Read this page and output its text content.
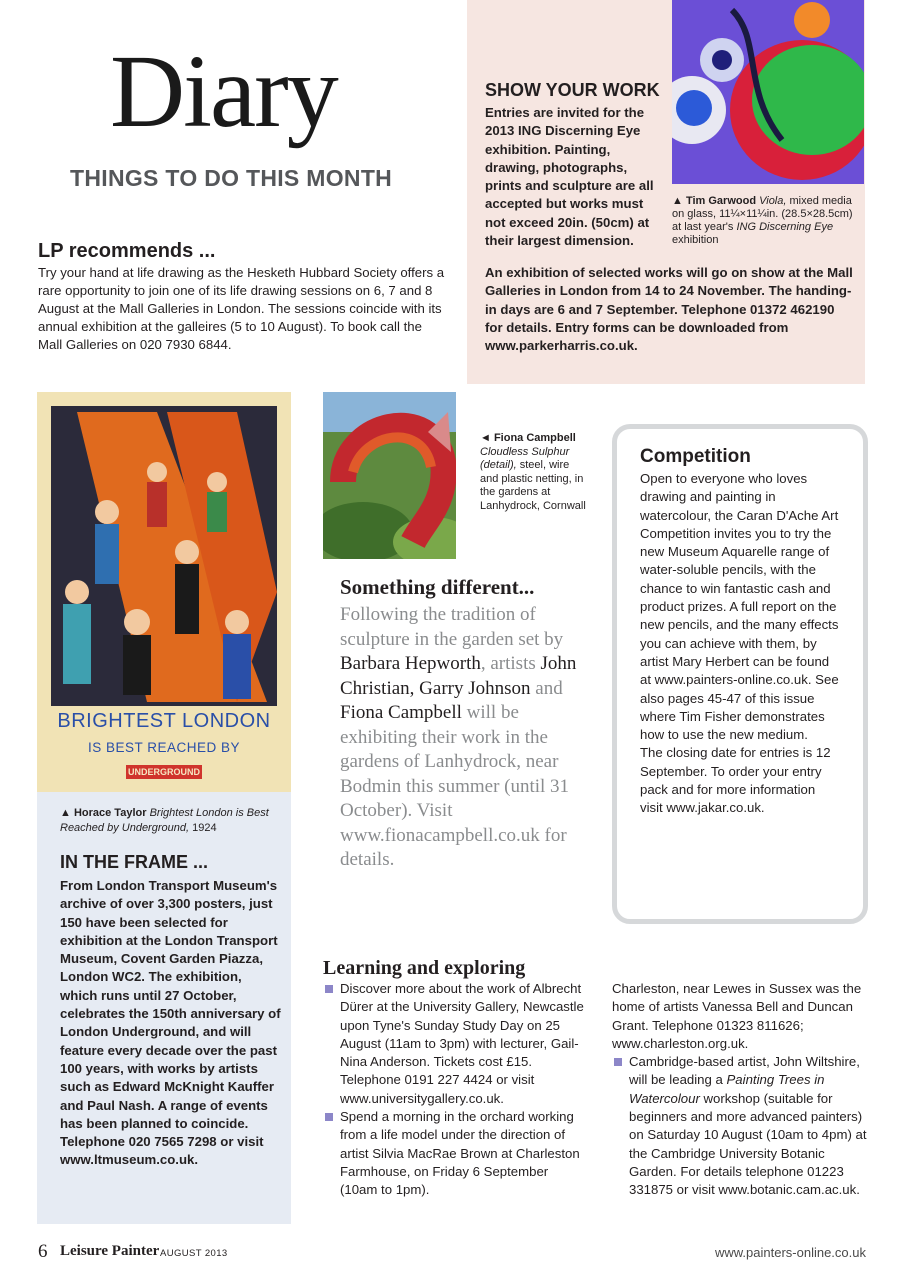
Diary
THINGS TO DO THIS MONTH
LP recommends ...

Try your hand at life drawing as the Hesketh Hubbard Society offers a rare opportunity to join one of its life drawing sessions on 6, 7 and 8 August at the Mall Galleries in London. The sessions coincide with its annual exhibition at the galleires (5 to 10 August). To book call the Mall Galleries on 020 7930 6844.

SHOW YOUR WORK

Entries are invited for the 2013 ING Discerning Eye exhibition. Painting, drawing, photographs, prints and sculpture are all accepted but works must not exceed 20in. (50cm) at their largest dimension.

▲ Tim Garwood Viola, mixed media on glass, 11¼×11¼in. (28.5×28.5cm) at last year's ING Discerning Eye exhibition

An exhibition of selected works will go on show at the Mall Galleries in London from 14 to 24 November. The handing-in days are 6 and 7 September. Telephone 01372 462190 for details. Entry forms can be downloaded from www.parkerharris.co.uk.

BRIGHTEST LONDON
IS BEST REACHED BY
UNDERGROUND

▲ Horace Taylor Brightest London is Best Reached by Underground, 1924

IN THE FRAME ...

From London Transport Museum's archive of over 3,300 posters, just 150 have been selected for exhibition at the London Transport Museum, Covent Garden Piazza, London WC2. The exhibition, which runs until 27 October, celebrates the 150th anniversary of London Underground, and will feature every decade over the past 100 years, with works by artists such as Edward McKnight Kauffer and Paul Nash. A range of events has been planned to coincide. Telephone 020 7565 7298 or visit www.ltmuseum.co.uk.

◄ Fiona Campbell
Cloudless Sulphur (detail), steel, wire and plastic netting, in the gardens at Lanhydrock, Cornwall

Something different...

Following the tradition of sculpture in the garden set by Barbara Hepworth, artists John Christian, Garry Johnson and Fiona Campbell will be exhibiting their work in the gardens of Lanhydrock, near Bodmin this summer (until 31 October). Visit www.fionacampbell.co.uk for details.

Competition

Open to everyone who loves drawing and painting in watercolour, the Caran D'Ache Art Competition invites you to try the new Museum Aquarelle range of water-soluble pencils, with the chance to win fantastic cash and product prizes. A full report on the new pencils, and the many effects you can achieve with them, by artist Mary Herbert can be found at www.painters-online.co.uk. See also pages 45-47 of this issue where Tim Fisher demonstrates how to use the new medium.

The closing date for entries is 12 September. To order your entry pack and for more information visit www.jakar.co.uk.

Learning and exploring
Discover more about the work of Albrecht Dürer at the University Gallery, Newcastle upon Tyne's Sunday Study Day on 25 August (11am to 3pm) with lecturer, Gail-Nina Anderson. Tickets cost £15. Telephone 0191 227 4424 or visit www.universitygallery.co.uk.
Spend a morning in the orchard working from a life model under the direction of artist Silvia MacRae Brown at Charleston Farmhouse, on Friday 6 September (10am to 1pm).

Charleston, near Lewes in Sussex was the home of artists Vanessa Bell and Duncan Grant. Telephone 01323 811626; www.charleston.org.uk.

Cambridge-based artist, John Wiltshire, will be leading a Painting Trees in Watercolour workshop (suitable for beginners and more advanced painters) on Saturday 10 August (10am to 4pm) at the Cambridge University Botanic Garden. For details telephone 01223 331875 or visit www.botanic.cam.ac.uk.
6 Leisure Painter AUGUST 2013	www.painters-online.co.uk
